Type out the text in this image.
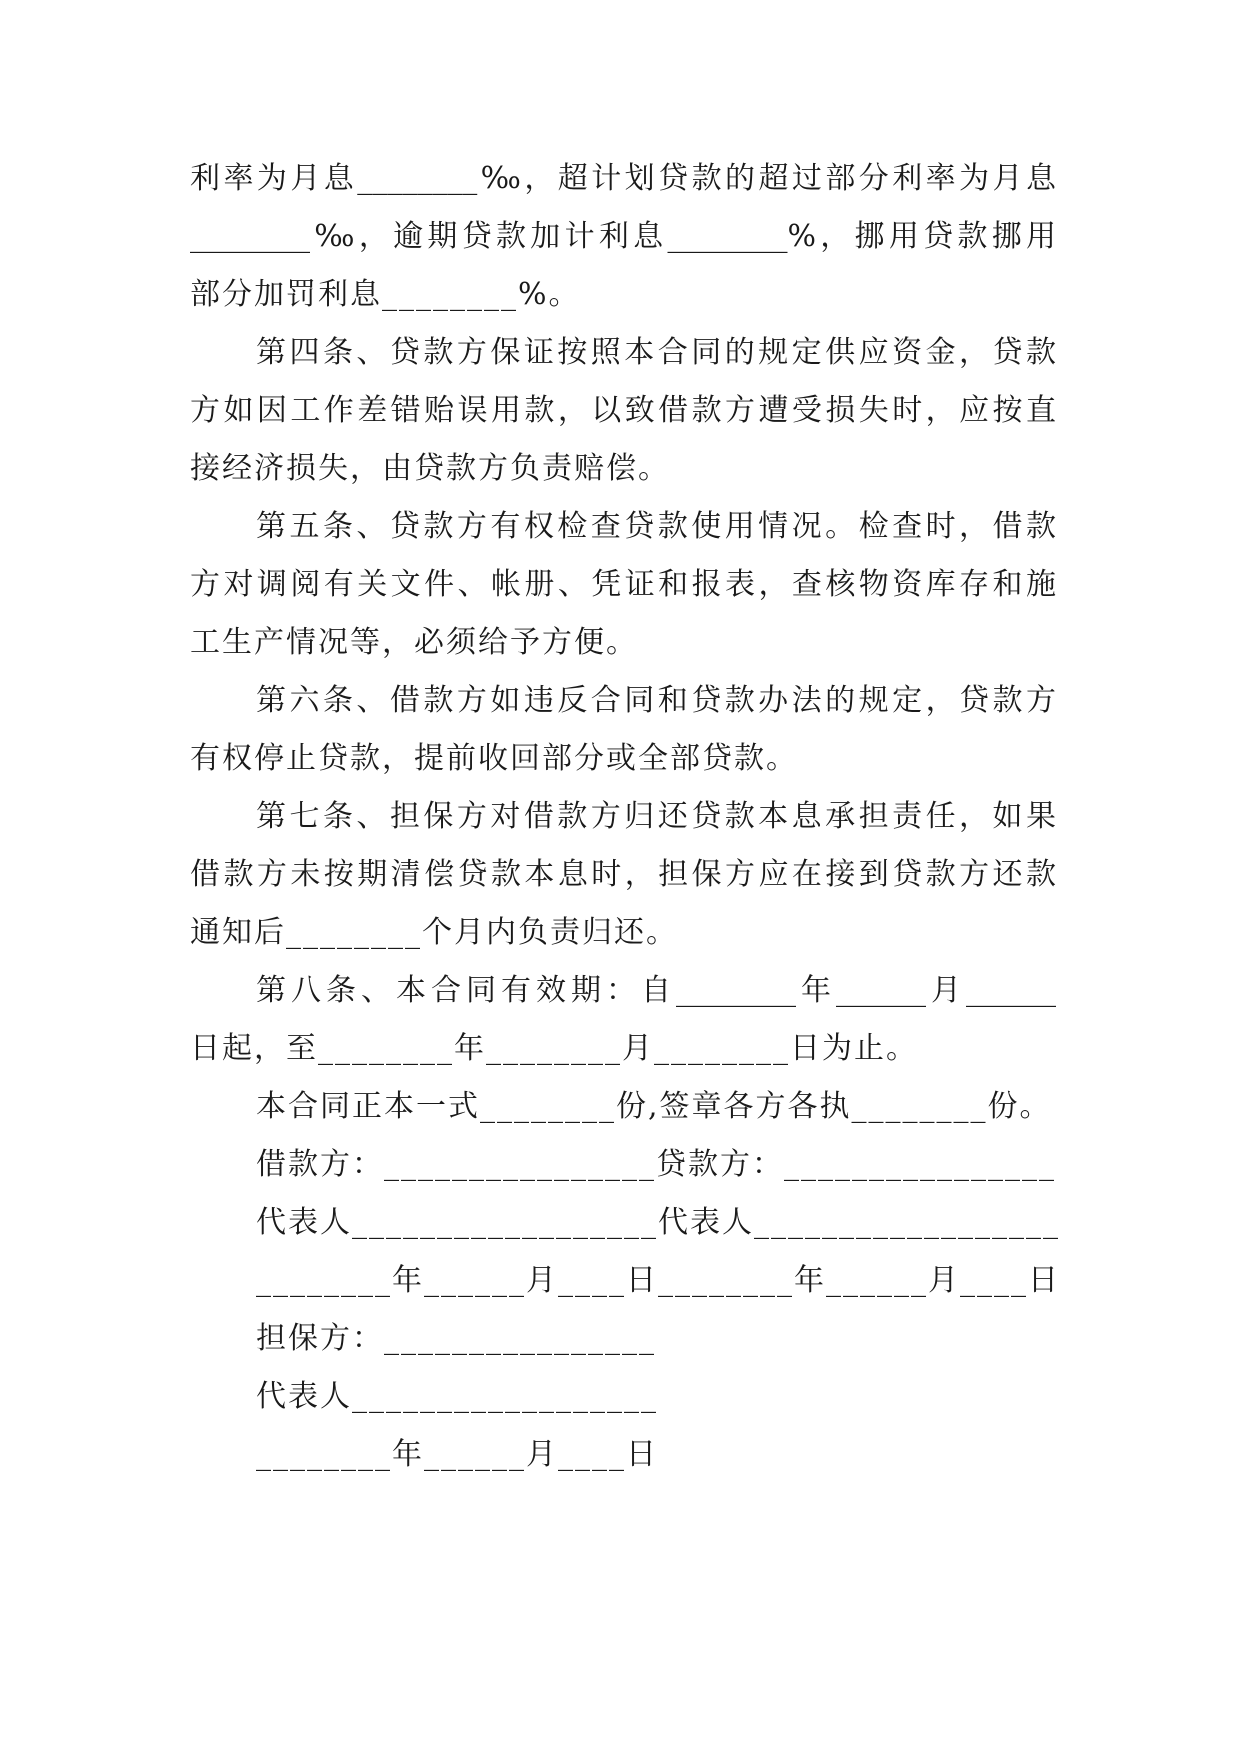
利率为月息________‰，超计划贷款的超过部分利率为月息
________‰，逾期贷款加计利息________%，挪用贷款挪用
部分加罚利息________%。
第四条、贷款方保证按照本合同的规定供应资金，贷款
方如因工作差错贻误用款，以致借款方遭受损失时，应按直
接经济损失，由贷款方负责赔偿。
第五条、贷款方有权检查贷款使用情况。检查时，借款
方对调阅有关文件、帐册、凭证和报表，查核物资库存和施
工生产情况等，必须给予方便。
第六条、借款方如违反合同和贷款办法的规定，贷款方
有权停止贷款，提前收回部分或全部贷款。
第七条、担保方对借款方归还贷款本息承担责任，如果
借款方未按期清偿贷款本息时，担保方应在接到贷款方还款
通知后________个月内负责归还。
第八条、本合同有效期：自________年______月______
日起，至________年________月________日为止。
本合同正本一式________份,签章各方各执________份。
借款方：________________贷款方：________________
代表人__________________代表人__________________
________年______月____日________年______月____日
担保方：________________
代表人__________________
________年______月____日
